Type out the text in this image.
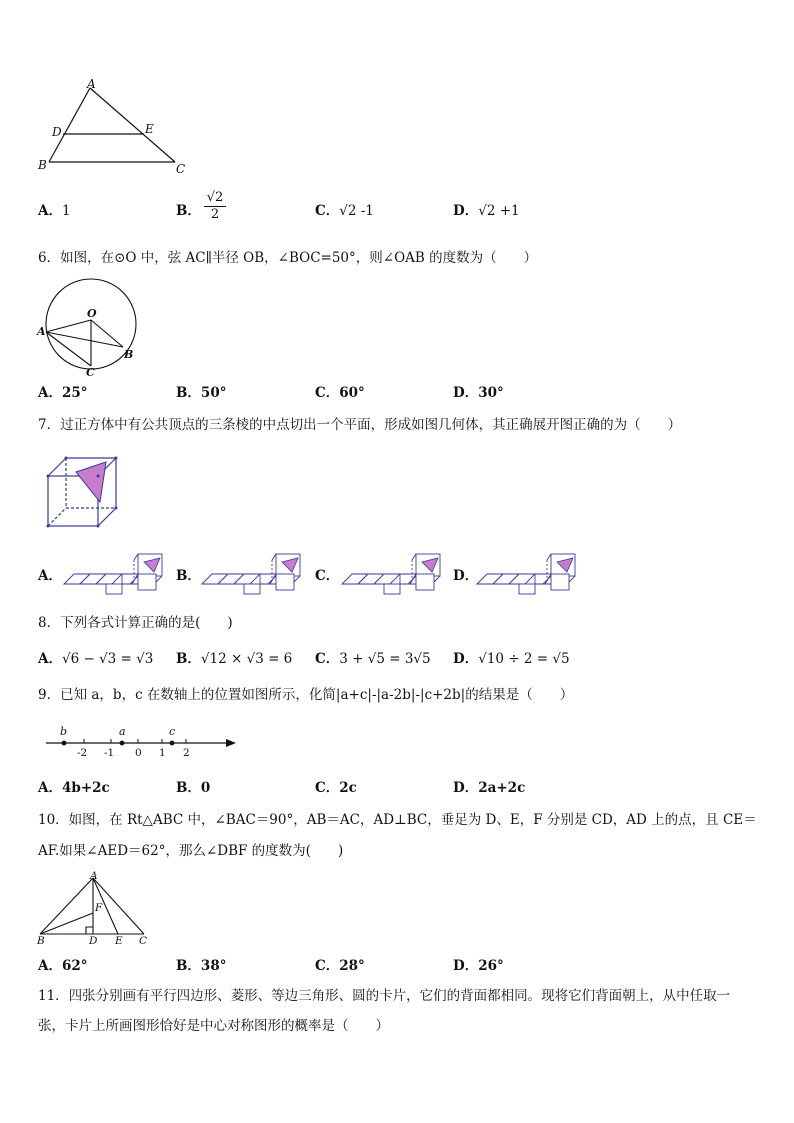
A
D	E
B	C
A．1	B．
√2
2	C．√2 -1	D．√2 +1
6．如图，在⊙O 中，弦 AC∥半径 OB，∠BOC=50°，则∠OAB 的度数为（　　）
O
A
B
C
A．25°	B．50°	C．60°	D．30°
7．过正方体中有公共顶点的三条棱的中点切出一个平面，形成如图几何体，其正确展开图正确的为（　　）
A．	B．	C．	D．
8．下列各式计算正确的是(　　)
A．√6 − √3 = √3 B．√12 × √3 = 6 C．3 + √5 = 3√5 D．√10 ÷ 2 = √5
9．已知 a，b，c 在数轴上的位置如图所示，化简|a+c|-|a-2b|-|c+2b|的结果是（　　）
b	a	c
-2 -1 0 1 2
A．4b+2c	B．0	C．2c	D．2a+2c
10．如图，在 Rt△ABC 中，∠BAC＝90°，AB＝AC，AD⊥BC，垂足为 D、E，F 分别是 CD，AD 上的点，且 CE＝
AF.如果∠AED＝62°，那么∠DBF 的度数为(　　)
A
F
B	D E C
A．62°	B．38°	C．28°	D．26°
11．四张分别画有平行四边形、菱形、等边三角形、圆的卡片，它们的背面都相同。现将它们背面朝上，从中任取一
张，卡片上所画图形恰好是中心对称图形的概率是（　　）
